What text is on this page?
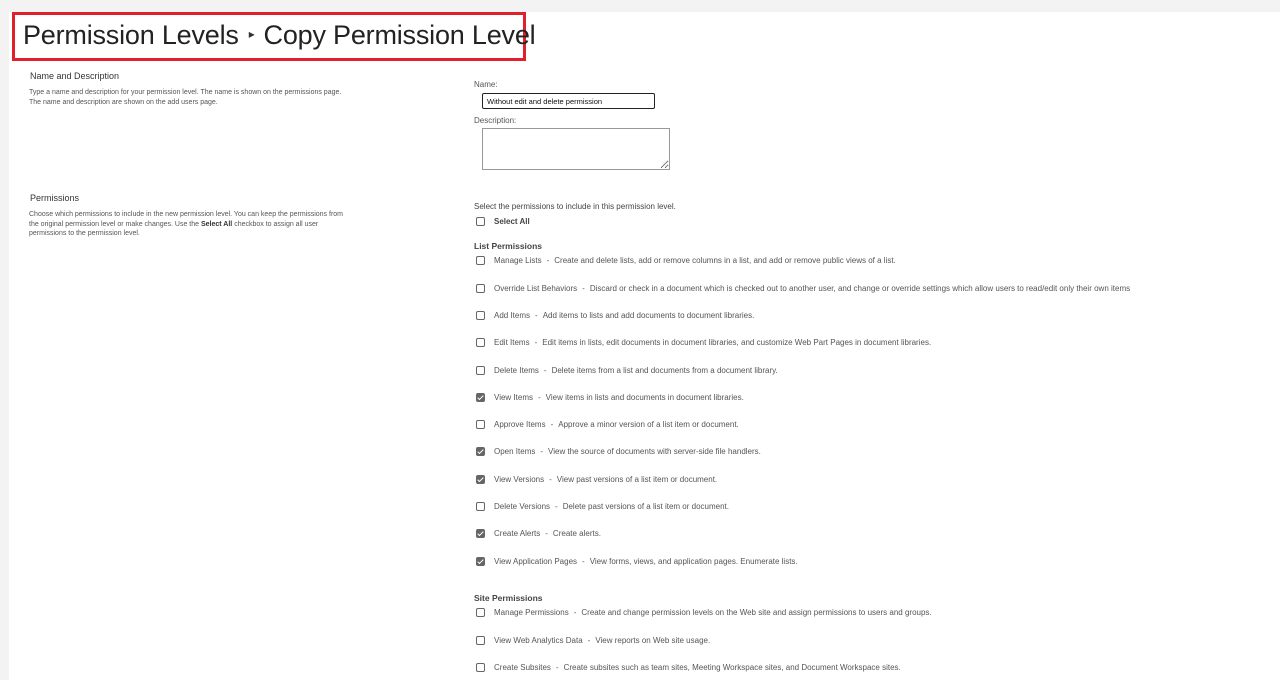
Permission Levels ▸ Copy Permission Level
Name and Description
Type a name and description for your permission level. The name is shown on the permissions page.
The name and description are shown on the add users page.
Name:
Without edit and delete permission
Description:
Permissions
Choose which permissions to include in the new permission level. You can keep the permissions from
the original permission level or make changes. Use the Select All checkbox to assign all user
permissions to the permission level.
Select the permissions to include in this permission level.
Select All
List Permissions
Manage Lists - Create and delete lists, add or remove columns in a list, and add or remove public views of a list.
Override List Behaviors - Discard or check in a document which is checked out to another user, and change or override settings which allow users to read/edit only their own items
Add Items - Add items to lists and add documents to document libraries.
Edit Items - Edit items in lists, edit documents in document libraries, and customize Web Part Pages in document libraries.
Delete Items - Delete items from a list and documents from a document library.
View Items - View items in lists and documents in document libraries.
Approve Items - Approve a minor version of a list item or document.
Open Items - View the source of documents with server-side file handlers.
View Versions - View past versions of a list item or document.
Delete Versions - Delete past versions of a list item or document.
Create Alerts - Create alerts.
View Application Pages - View forms, views, and application pages. Enumerate lists.
Site Permissions
Manage Permissions - Create and change permission levels on the Web site and assign permissions to users and groups.
View Web Analytics Data - View reports on Web site usage.
Create Subsites - Create subsites such as team sites, Meeting Workspace sites, and Document Workspace sites.
